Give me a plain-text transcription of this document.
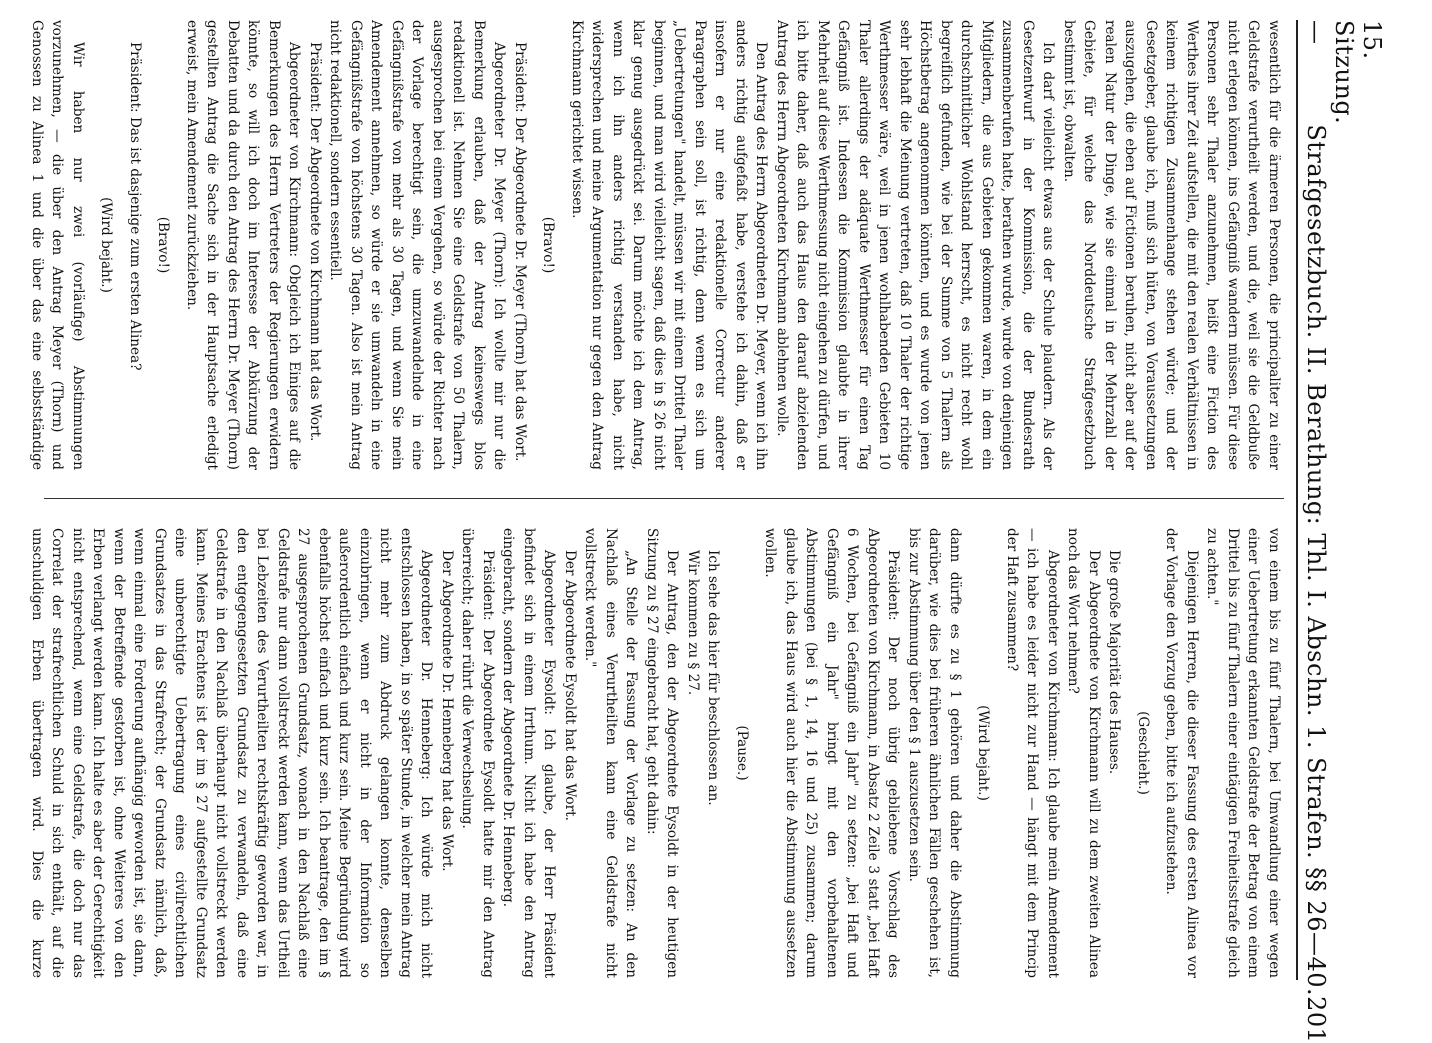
15. Sitzung. —
Strafgesetzbuch. II. Berathung: Thl. I. Abschn. 1. Strafen. §§ 26—40.
201

wesentlich für die ärmeren Personen, die principaliter zu einer Geldstrafe verurtheilt werden, und die, weil sie die Geldbuße nicht erlegen können, ins Gefängniß wandern müssen. Für diese Personen sehr Thaler anzunehmen, heißt eine Fiction des Werthes ihrer Zeit aufstellen, die mit den realen Verhältnissen in keinem richtigen Zusammenhange stehen würde; und der Gesetzgeber, glaube ich, muß sich hüten, von Voraussetzungen auszugehen, die eben auf Fictionen beruhen, nicht aber auf der realen Natur der Dinge, wie sie einmal in der Mehrzahl der Gebiete, für welche das Norddeutsche Strafgesetzbuch bestimmt ist, obwalten.

Ich darf vielleicht etwas aus der Schule plaudern. Als der Gesetzentwurf in der Kommission, die der Bundesrath zusammenberufen hatte, berathen wurde, wurde von denjenigen Mitgliedern, die aus Gebieten gekommen waren, in dem ein durchschnittlicher Wohlstand herrscht, es nicht recht wohl begreiflich gefunden, wie bei der Summe von 5 Thalern als Höchstbetrag angenommen könnten, und es wurde von jenen sehr lebhaft die Meinung vertreten, daß 10 Thaler der richtige Werthmesser wäre, weil in jenen wohlhabenden Gebieten 10 Thaler allerdings der adäquate Werthmesser für einen Tag Gefängniß ist. Indessen die Kommission glaubte in ihrer Mehrheit auf diese Werthmessung nicht eingehen zu dürfen, und ich bitte daher, daß auch das Haus den darauf abzielenden Antrag des Herrn Abgeordneten Kirchmann ablehnen wolle.

Den Antrag des Herrn Abgeordneten Dr. Meyer, wenn ich ihn anders richtig aufgefaßt habe, verstehe ich dahin, daß er insofern er nur eine redaktionelle Correctur anderer Paragraphen sein soll, ist richtig, denn wenn es sich um „Uebertretungen" handelt, müssen wir mit einem Drittel Thaler beginnen, und man wird vielleicht sagen, daß dies in § 26 nicht klar genug ausgedrückt sei. Darum möchte ich dem Antrag, wenn ich ihn anders richtig verstanden habe, nicht widersprechen und meine Argumentation nur gegen den Antrag Kirchmann gerichtet wissen.

(Bravo!)

Präsident: Der Abgeordnete Dr. Meyer (Thorn) hat das Wort.

Abgeordneter Dr. Meyer (Thorn): Ich wollte mir nur die Bemerkung erlauben, daß der Antrag keineswegs blos redaktionell ist. Nehmen Sie eine Geldstrafe von 50 Thalern, ausgesprochen bei einem Vergehen, so würde der Richter nach der Vorlage berechtigt sein, die umzuwandelnde in eine Gefängnißstrafe von mehr als 30 Tagen, und wenn Sie mein Amendement annehmen, so würde er sie umwandeln in eine Gefängnißstrafe von höchstens 30 Tagen. Also ist mein Antrag nicht redaktionell, sondern essentiell.

Präsident: Der Abgeordnete von Kirchmann hat das Wort.

Abgeordneter von Kirchmann: Obgleich ich Einiges auf die Bemerkungen des Herrn Vertreters der Regierungen erwidern könnte, so will ich doch im Interesse der Abkürzung der Debatten und da durch den Antrag des Herrn Dr. Meyer (Thorn) gestellten Antrag die Sache sich in der Hauptsache erledigt erweist, mein Amendement zurückziehen.

(Bravo!)

Präsident: Das ist dasjenige zum ersten Alinea?

(Wird bejaht.)

Wir haben nur zwei (vorläufige) Abstimmungen vorzunehmen, — die über den Antrag Meyer (Thorn) und Genossen zu Alinea 1 und die über das eine selbstständige

von einem bis zu fünf Thalern, bei Umwandlung einer wegen einer Uebertretung erkannten Geldstrafe der Betrag von einem Drittel bis zu fünf Thalern einer eintägigen Freiheitsstrafe gleich zu achten."

Diejenigen Herren, die dieser Fassung des ersten Alinea vor der Vorlage den Vorzug geben, bitte ich aufzustehen.

(Geschieht.)

Die große Majorität des Hauses.

Der Abgeordnete von Kirchmann will zu dem zweiten Alinea noch das Wort nehmen?

Abgeordneter von Kirchmann: Ich glaube mein Amendement — ich habe es leider nicht zur Hand — hängt mit dem Princip der Haft zusammen?

(Wird bejaht.)

dann dürfte es zu § 1 gehören und daher die Abstimmung darüber, wie dies bei früheren ähnlichen Fällen geschehen ist, bis zur Abstimmung über den § 1 auszusetzen sein.

Präsident: Der noch übrig gebliebene Vorschlag des Abgeordneten von Kirchmann, in Absatz 2 Zeile 3 statt „bei Haft 6 Wochen, bei Gefängniß ein Jahr" zu setzen: „bei Haft und Gefängniß ein Jahr" bringt mit den vorbehaltenen Abstimmungen (bei § 1, 14, 16 und 25) zusammen; darum glaube ich, das Haus wird auch hier die Abstimmung aussetzen wollen.

(Pause.)

Ich sehe das hier für beschlossen an.

Wir kommen zu § 27.

Der Antrag, den der Abgeordnete Eysoldt in der heutigen Sitzung zu § 27 eingebracht hat, geht dahin:

„An Stelle der Fassung der Vorlage zu setzen: An den Nachlaß eines Verurtheilten kann eine Geldstrafe nicht vollstreckt werden."

Der Abgeordnete Eysoldt hat das Wort.

Abgeordneter Eysoldt: Ich glaube, der Herr Präsident befindet sich in einem Irrthum. Nicht ich habe den Antrag eingebracht, sondern der Abgeordnete Dr. Henneberg.

Präsident: Der Abgeordnete Eysoldt hatte mir den Antrag überreicht; daher rührt die Verwechselung.

Der Abgeordnete Dr. Henneberg hat das Wort.

Abgeordneter Dr. Henneberg: Ich würde mich nicht entschlossen haben, in so später Stunde, in welcher mein Antrag nicht mehr zum Abdruck gelangen konnte, denselben einzubringen, wenn er nicht in der Information so außerordentlich einfach und kurz sein. Meine Begründung wird ebenfalls höchst einfach und kurz sein. Ich beantrage, den im § 27 ausgesprochenen Grundsatz, wonach in den Nachlaß eine Geldstrafe nur dann vollstreckt werden kann, wenn das Urtheil bei Lebzeiten des Verurtheilten rechtskräftig geworden war, in den entgegengesetzten Grundsatz zu verwandeln, daß eine Geldstrafe in den Nachlaß überhaupt nicht vollstreckt werden kann. Meines Erachtens ist der im § 27 aufgestellte Grundsatz eine unberechtigte Uebertragung eines civilrechtlichen Grundsatzes in das Strafrecht; der Grundsatz nämlich, daß, wenn einmal eine Forderung aufhängig geworden ist, sie dann, wenn der Betreffende gestorben ist, ohne Weiteres von den Erben verlangt werden kann. Ich halte es aber der Gerechtigkeit nicht entsprechend, wenn eine Geldstrafe, die doch nur das Correlat der strafrechtlichen Schuld in sich enthält, auf die unschuldigen Erben übertragen wird. Dies die kurze
